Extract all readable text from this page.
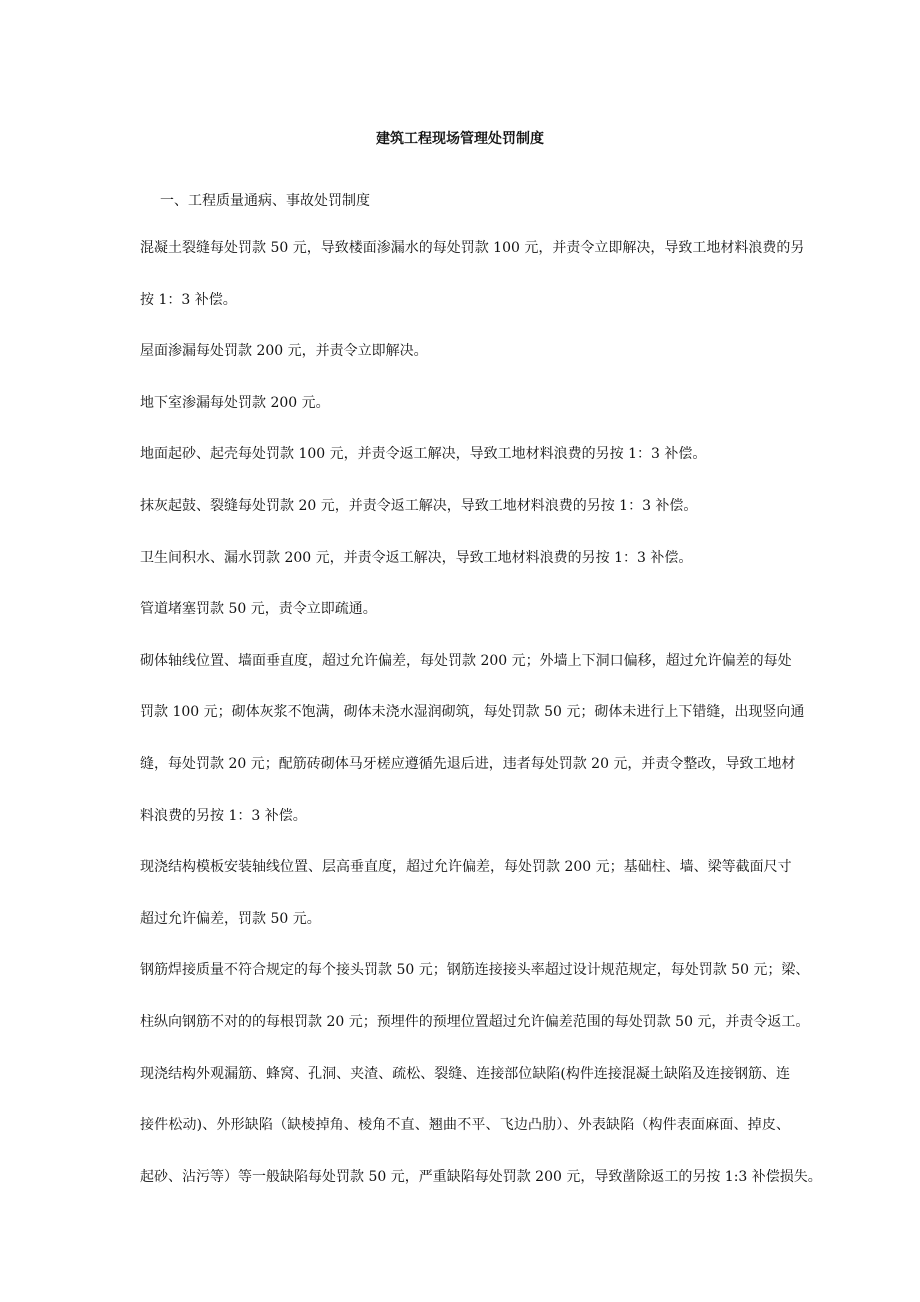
建筑工程现场管理处罚制度
一、工程质量通病、事故处罚制度
混凝土裂缝每处罚款 50 元，导致楼面渗漏水的每处罚款 100 元，并责令立即解决，导致工地材料浪费的另
按 1：3 补偿。
屋面渗漏每处罚款 200 元，并责令立即解决。
地下室渗漏每处罚款 200 元。
地面起砂、起壳每处罚款 100 元，并责令返工解决，导致工地材料浪费的另按 1：3 补偿。
抹灰起鼓、裂缝每处罚款 20 元，并责令返工解决，导致工地材料浪费的另按 1：3 补偿。
卫生间积水、漏水罚款 200 元，并责令返工解决，导致工地材料浪费的另按 1：3 补偿。
管道堵塞罚款 50 元，责令立即疏通。
砌体轴线位置、墙面垂直度，超过允许偏差，每处罚款 200 元；外墙上下洞口偏移，超过允许偏差的每处
罚款 100 元；砌体灰浆不饱满，砌体未浇水湿润砌筑，每处罚款 50 元；砌体未进行上下错缝，出现竖向通
缝，每处罚款 20 元；配筋砖砌体马牙槎应遵循先退后进，违者每处罚款 20 元，并责令整改，导致工地材
料浪费的另按 1：3 补偿。
现浇结构模板安装轴线位置、层高垂直度，超过允许偏差，每处罚款 200 元；基础柱、墙、梁等截面尺寸
超过允许偏差，罚款 50 元。
钢筋焊接质量不符合规定的每个接头罚款 50 元；钢筋连接接头率超过设计规范规定，每处罚款 50 元；梁、
柱纵向钢筋不对的的每根罚款 20 元；预埋件的预埋位置超过允许偏差范围的每处罚款 50 元，并责令返工。
现浇结构外观漏筋、蜂窝、孔洞、夹渣、疏松、裂缝、连接部位缺陷(构件连接混凝土缺陷及连接钢筋、连
接件松动)、外形缺陷（缺棱掉角、棱角不直、翘曲不平、飞边凸肋）、外表缺陷（构件表面麻面、掉皮、
起砂、沾污等）等一般缺陷每处罚款 50 元，严重缺陷每处罚款 200 元，导致凿除返工的另按 1:3 补偿损失。
